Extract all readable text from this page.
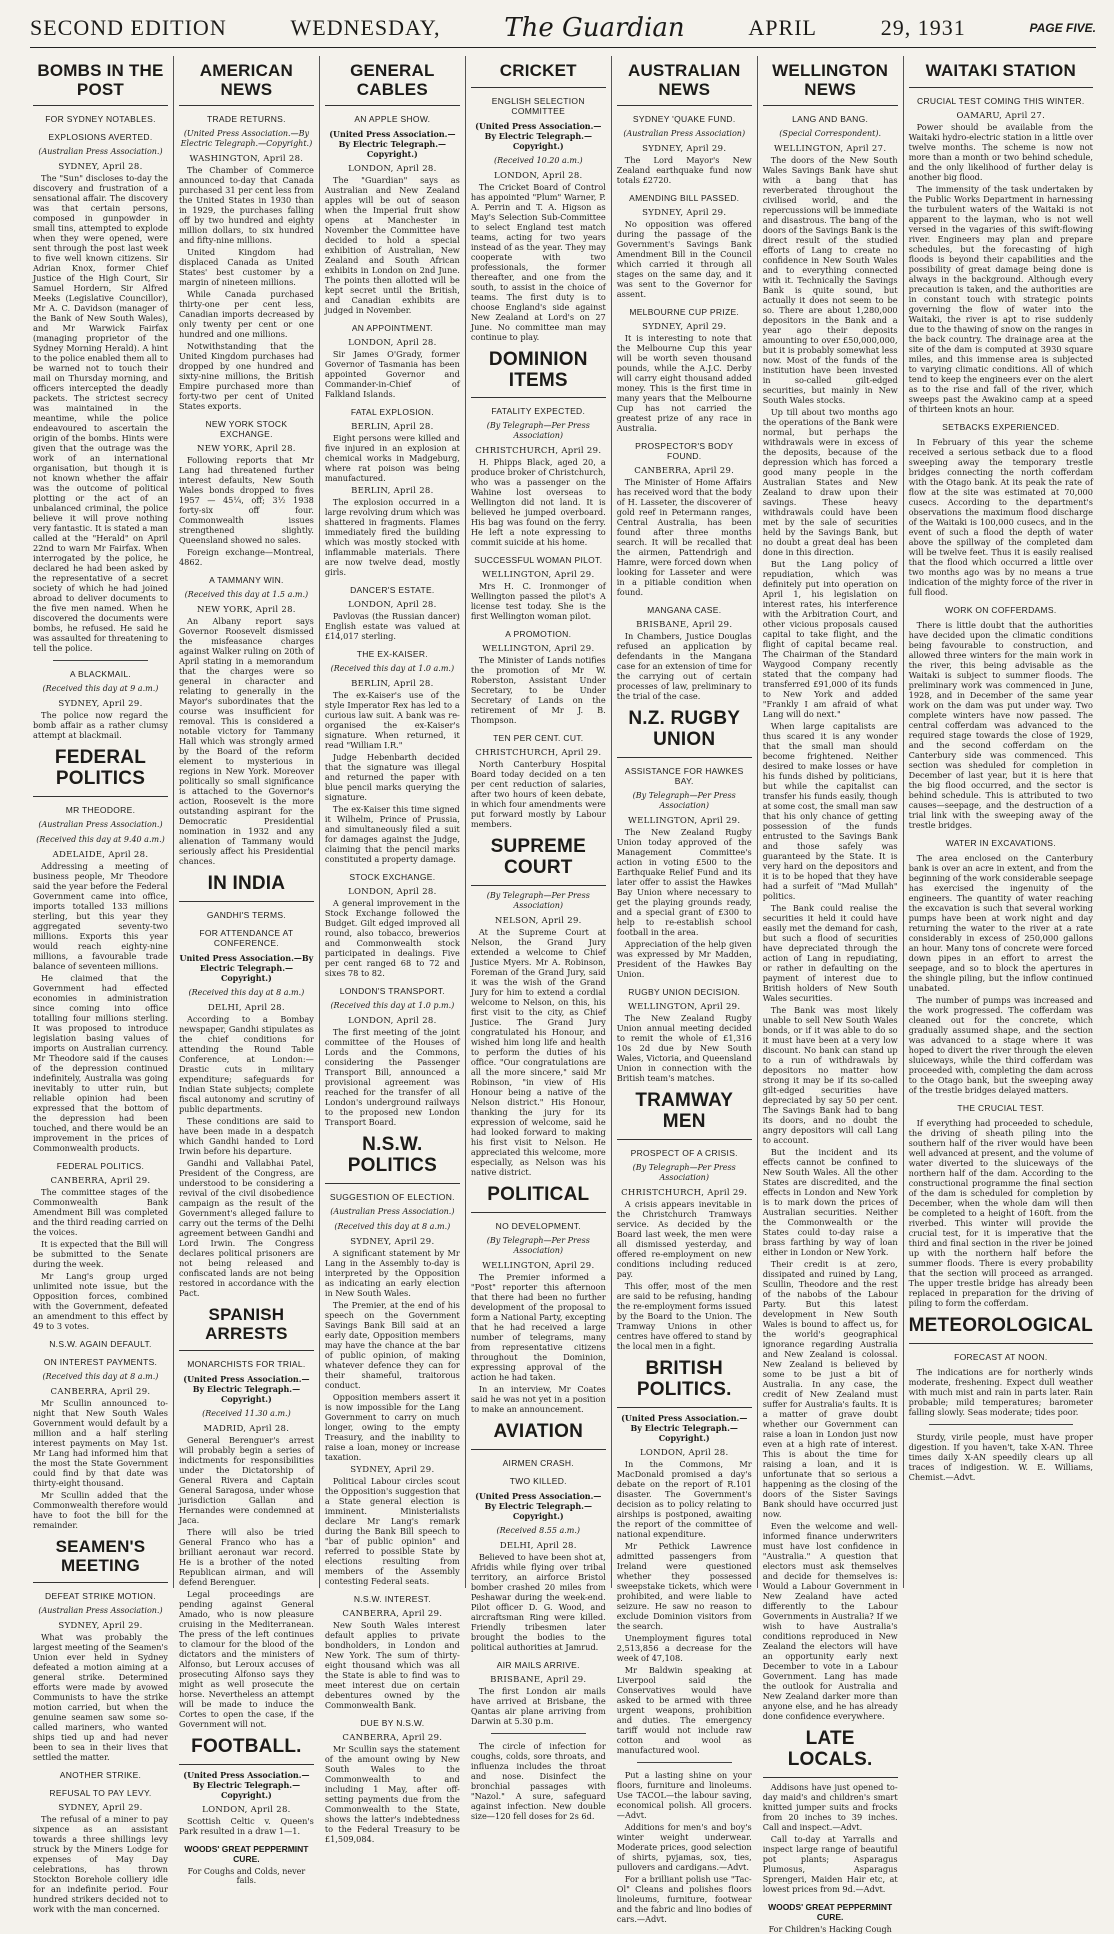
SECOND EDITION	WEDNESDAY, The Guardian	APRIL	29, 1931	PAGE FIVE.
BOMBS IN THE POST
FOR SYDNEY NOTABLES.
EXPLOSIONS AVERTED.
(Australian Press Association.)
SYDNEY, April 28.

The "Sun" discloses to-day the discovery and frustration of a sensational affair. The discovery was that certain persons, composed in gunpowder in small tins, attempted to explode when they were opened, were sent through the post last week to five well known citizens. Sir Adrian Knox, former Chief Justice of the High Court, Sir Samuel Hordern, Sir Alfred Meeks (Legislative Councillor), Mr A. C. Davidson (manager of the Bank of New South Wales), and Mr Warwick Fairfax (managing proprietor of the Sydney Morning Herald). A hint to the police enabled them all to be warned not to touch their mail on Thursday morning, and officers intercepted the deadly packets. The strictest secrecy was maintained in the meantime, while the police endeavoured to ascertain the origin of the bombs. Hints were given that the outrage was the work of an international organisation, but though it is not known whether the affair was the outcome of political plotting or the act of an unbalanced criminal, the police believe it will prove nothing very fantastic. It is stated a man called at the "Herald" on April 22nd to warn Mr Fairfax. When interrogated by the police, he declared he had been asked by the representative of a secret society of which he had joined abroad to deliver documents to the five men named. When he discovered the documents were bombs, he refused. He said he was assaulted for threatening to tell the police.

A BLACKMAIL.
(Received this day at 9 a.m.)
SYDNEY, April 29.

The police now regard the bomb affair as a rather clumsy attempt at blackmail.

FEDERAL POLITICS
MR THEODORE.
(Australian Press Association.)
(Received this day at 9.40 a.m.)
ADELAIDE, April 28.

Addressing a meeting of business people, Mr Theodore said the year before the Federal Government came into office, imports totalled 133 millions sterling, but this year they aggregated seventy-two millions. Exports this year would reach eighty-nine millions, a favourable trade balance of seventeen millions.

He claimed that the Government had effected economies in administration since coming into office totalling four millions sterling. It was proposed to introduce legislation basing values of imports on Australian currency. Mr Theodore said if the causes of the depression continued indefinitely, Australia was going inevitably to utter ruin, but reliable opinion had been expressed that the bottom of the depression had been touched, and there would be an improvement in the prices of Commonwealth products.

FEDERAL POLITICS.
CANBERRA, April 29.

The committee stages of the Commonwealth Bank Amendment Bill was completed and the third reading carried on the voices.

It is expected that the Bill will be submitted to the Senate during the week.

Mr Lang's group urged unlimited note issue, but the Opposition forces, combined with the Government, defeated an amendment to this effect by 49 to 3 votes.

N.S.W. AGAIN DEFAULT.
ON INTEREST PAYMENTS.
(Received this day at 8 a.m.)
CANBERRA, April 29.

Mr Scullin announced to-night that New South Wales Government would default by a million and a half sterling interest payments on May 1st. Mr Lang had informed him that the most the State Government could find by that date was thirty-eight thousand.

Mr Scullin added that the Commonwealth therefore would have to foot the bill for the remainder.

SEAMEN'S MEETING
DEFEAT STRIKE MOTION.
(Australian Press Association.)
SYDNEY, April 29.

What was probably the largest meeting of the Seamen's Union ever held in Sydney defeated a motion aiming at a general strike. Determined efforts were made by avowed Communists to have the strike motion carried, but when the genuine seamen saw some so-called mariners, who wanted ships tied up and had never been to sea in their lives that settled the matter.

ANOTHER STRIKE.
REFUSAL TO PAY LEVY.
SYDNEY, April 29.

The refusal of a miner to pay sixpence as an assistant towards a three shillings levy struck by the Miners Lodge for expenses of May Day celebrations, has thrown Stockton Borehole colliery idle for an indefinite period. Four hundred strikers decided not to work with the man concerned.

AMERICAN NEWS
TRADE RETURNS.
(United Press Association.—By Electric Telegraph.—Copyright.)
WASHINGTON, April 28.

The Chamber of Commerce announced to-day that Canada purchased 31 per cent less from the United States in 1930 than in 1929, the purchases falling off by two hundred and eighty million dollars, to six hundred and fifty-nine millions.

United Kingdom had displaced Canada as United States' best customer by a margin of nineteen millions.

While Canada purchased thirty-one per cent less, Canadian imports decreased by only twenty per cent or one hundred and one millions.

Notwithstanding that the United Kingdom purchases had dropped by one hundred and sixty-nine millions, the British Empire purchased more than forty-two per cent of United States exports.

NEW YORK STOCK EXCHANGE.
NEW YORK, April 28.

Following reports that Mr Lang had threatened further interest defaults, New South Wales bonds dropped to fives 1957 — 45¼, off; 3½ 1938 forty-six off four. Commonwealth issues strengthened slightly. Queensland showed no sales.

Foreign exchange—Montreal, 4862.

A TAMMANY WIN.
(Received this day at 1.5 a.m.)
NEW YORK, April 28.

An Albany report says Governor Roosevelt dismissed the misfeasance charges against Walker ruling on 20th of April stating in a memorandum that the charges were so general in character and relating to generally in the Mayor's subordinates that the course was insufficient for removal. This is considered a notable victory for Tammany Hall which was strongly armed by the Board of the reform element to mysterious in regions in New York. Moreover politically so small significance is attached to the Governor's action, Roosevelt is the more outstanding aspirant for the Democratic Presidential nomination in 1932 and any alienation of Tammany would seriously affect his Presidential chances.

IN INDIA
GANDHI'S TERMS.
FOR ATTENDANCE AT CONFERENCE.
United Press Association.—By Electric Telegraph.—Copyright.)
(Received this day at 8 a.m.)
DELHI, April 28.

According to a Bombay newspaper, Gandhi stipulates as the chief conditions for attending the Round Table Conference, at London:—Drastic cuts in military expenditure; safeguards for Indian State subjects; complete fiscal autonomy and scrutiny of public departments.

These conditions are said to have been made in a despatch which Gandhi handed to Lord Irwin before his departure.

Gandhi and Vallabhai Patel, President of the Congress, are understood to be considering a revival of the civil disobedience campaign as the result of the Government's alleged failure to carry out the terms of the Delhi agreement between Gandhi and Lord Irwin. The Congress declares political prisoners are not being released and confiscated lands are not being restored in accordance with the Pact.

SPANISH ARRESTS
MONARCHISTS FOR TRIAL.
(United Press Association.—By Electric Telegraph.—Copyright.)
(Received 11.30 a.m.)
MADRID, April 28.

General Berenguer's arrest will probably begin a series of indictments for responsibilities under the Dictatorship of General Rivera and Captain General Saragosa, under whose jurisdiction Gallan and Hernandes were condemned at Jaca.

There will also be tried General Franco who has a brilliant aeronaut war record. He is a brother of the noted Republican airman, and will defend Berenguer.

Legal proceedings are pending against General Amado, who is now pleasure cruising in the Mediterranean. The press of the left continues to clamour for the blood of the dictators and the ministers of Alfonso, but Leroux accuses of prosecuting Alfonso says they might as well prosecute the horse. Nevertheless an attempt will be made to induce the Cortes to open the case, if the Government will not.

FOOTBALL.
(United Press Association.—By Electric Telegraph.—Copyright.)
LONDON, April 28.

Scottish Celtic v. Queen's Park resulted in a draw 1—1.

WOODS' GREAT PEPPERMINT CURE.
For Coughs and Colds, never fails.
GENERAL CABLES
AN APPLE SHOW.
(United Press Association.—By Electric Telegraph.—Copyright.)
LONDON, April 28.

The "Guardian" says as Australian and New Zealand apples will be out of season when the Imperial fruit show opens at Manchester in November the Committee have decided to hold a special exhibition of Australian, New Zealand and South African exhibits in London on 2nd June. The points then allotted will be kept secret until the British, and Canadian exhibits are judged in November.

AN APPOINTMENT.
LONDON, April 28.

Sir James O'Grady, former Governor of Tasmania has been appointed Governor and Commander-in-Chief of Falkland Islands.

FATAL EXPLOSION.
BERLIN, April 28.

Eight persons were killed and five injured in an explosion at chemical works in Madgeburg, where rat poison was being manufactured.

BERLIN, April 28.

The explosion occurred in a large revolving drum which was shattered in fragments. Flames immediately fired the building which was mostly stocked with inflammable materials. There are now twelve dead, mostly girls.

DANCER'S ESTATE.
LONDON, April 28.

Pavlovas (the Russian dancer) English estate was valued at £14,017 sterling.

THE EX-KAISER.
(Received this day at 1.0 a.m.)
BERLIN, April 28.

The ex-Kaiser's use of the style Imperator Rex has led to a curious law suit. A bank was re-organised the ex-Kaiser's signature. When returned, it read "William I.R."

Judge Hebenbarth decided that the signature was illegal and returned the paper with blue pencil marks querying the signature.

The ex-Kaiser this time signed it Wilhelm, Prince of Prussia, and simultaneously filed a suit for damages against the Judge, claiming that the pencil marks constituted a property damage.

STOCK EXCHANGE.
LONDON, April 28.

A general improvement in the Stock Exchange followed the Budget. Gilt edged improved all round, also tobacco, brewerios and Commonwealth stock participated in dealings. Five per cent ranged 68 to 72 and sixes 78 to 82.

LONDON'S TRANSPORT.
(Received this day at 1.0 p.m.)
LONDON, April 28.

The first meeting of the joint committee of the Houses of Lords and the Commons, considering the Passenger Transport Bill, announced a provisional agreement was reached for the transfer of all London's underground railways to the proposed new London Transport Board.

N.S.W. POLITICS
SUGGESTION OF ELECTION.
(Australian Press Association.)
(Received this day at 8 a.m.)
SYDNEY, April 29.

A significant statement by Mr Lang in the Assembly to-day is interpreted by the Opposition as indicating an early election in New South Wales.

The Premier, at the end of his speech on the Government Savings Bank Bill said at an early date, Opposition members may have the chance at the bar of public opinion, of making whatever defence they can for their shameful, traitorous conduct.

Opposition members assert it is now impossible for the Lang Government to carry on much longer, owing to the empty Treasury, and the inability to raise a loan, money or increase taxation.

SYDNEY, April 29.

Political Labour circles scout the Opposition's suggestion that a State general election is imminent. Ministerialists declare Mr Lang's remark during the Bank Bill speech to "bar of public opinion" and referred to possible State by elections resulting from members of the Assembly contesting Federal seats.

N.S.W. INTEREST.
CANBERRA, April 29.

New South Wales interest default applies to private bondholders, in London and New York. The sum of thirty-eight thousand which was all the State is able to find was to meet interest due on certain debentures owned by the Commonwealth Bank.

DUE BY N.S.W.
CANBERRA, April 29.

Mr Scullin says the statement of the amount owing by New South Wales to the Commonwealth to and including 1 May, after off-setting payments due from the Commonwealth to the State, shows the latter's indebtedness to the Federal Treasury to be £1,509,084.

CRICKET
ENGLISH SELECTION COMMITTEE
(United Press Association.—By Electric Telegraph.—Copyright.)
(Received 10.20 a.m.)
LONDON, April 28.

The Cricket Board of Control has appointed "Plum" Warner, P. A. Perrin and T. A. Higson as May's Selection Sub-Committee to select England test match teams, acting for two years instead of as the year. They may cooperate with two professionals, the former thereafter, and one from the south, to assist in the choice of teams. The first duty is to choose England's side against New Zealand at Lord's on 27 June. No committee man may continue to play.

DOMINION ITEMS
FATALITY EXPECTED.
(By Telegraph—Per Press Association)
CHRISTCHURCH, April 29.

H. Phipps Black, aged 20, a produce broker of Christchurch, who was a passenger on the Wahine lost overseas to Wellington did not land. It is believed he jumped overboard. His bag was found on the ferry. He left a note expressing to commit suicide at his home.

SUCCESSFUL WOMAN PILOT.
WELLINGTON, April 29.

Mrs H. C. Ironmonger of Wellington passed the pilot's A license test today. She is the first Wellington woman pilot.

A PROMOTION.
WELLINGTON, April 29.

The Minister of Lands notifies the promotion of Mr W. Roberston, Assistant Under Secretary, to be Under Secretary of Lands on the retirement of Mr J. B. Thompson.

TEN PER CENT. CUT.
CHRISTCHURCH, April 29.

North Canterbury Hospital Board today decided on a ten per cent reduction of salaries, after two hours of keen debate, in which four amendments were put forward mostly by Labour members.

SUPREME COURT
(By Telegraph—Per Press Association)
NELSON, April 29.

At the Supreme Court at Nelson, the Grand Jury extended a welcome to Chief Justice Myers. Mr A. Robinson, Foreman of the Grand Jury, said it was the wish of the Grand Jury for him to extend a cordial welcome to Nelson, on this, his first visit to the city, as Chief Justice. The Grand Jury congratulated his Honour, and wished him long life and health to perform the duties of his office. "Our congratulations are all the more sincere," said Mr Robinson, "in view of His Honour being a native of the Nelson district." His Honour, thanking the jury for its expression of welcome, said he had looked forward to making his first visit to Nelson. He appreciated this welcome, more especially, as Nelson was his native district.

POLITICAL
NO DEVELOPMENT.
(By Telegraph—Per Press Association)
WELLINGTON, April 29.

The Premier informed a "Post" reporter this afternoon that there had been no further development of the proposal to form a National Party, excepting that he had received a large number of telegrams, many from representative citizens throughout the Dominion, expressing approval of the action he had taken.

In an interview, Mr Coates said he was not yet in a position to make an announcement.

AVIATION
AIRMEN CRASH.
TWO KILLED.
(United Press Association.—By Electric Telegraph.—Copyright.)
(Received 8.55 a.m.)
DELHI, April 28.

Believed to have been shot at, Afridis while flying over tribal territory, an airforce Bristol bomber crashed 20 miles from Peshawar during the week-end. Pilot officer D. G. Wood, and aircraftsman Ring were killed. Friendly tribesmen later brought the bodies to the political authorities at Jamrud.

AIR MAILS ARRIVE.
BRISBANE, April 29.

The first London air mails have arrived at Brisbane, the Qantas air plane arriving from Darwin at 5.30 p.m.

The circle of infection for coughs, colds, sore throats, and influenza includes the throat and nose. Disinfect the bronchial passages with "Nazol." A sure, safeguard against infection. New double size—120 fell doses for 2s 6d.

AUSTRALIAN NEWS
SYDNEY 'QUAKE FUND.
(Australian Press Association)
SYDNEY, April 29.

The Lord Mayor's New Zealand earthquake fund now totals £2720.

AMENDING BILL PASSED.
SYDNEY, April 29.

No opposition was offered during the passage of the Government's Savings Bank Amendment Bill in the Council which carried it through all stages on the same day, and it was sent to the Governor for assent.

MELBOURNE CUP PRIZE.
SYDNEY, April 29.

It is interesting to note that the Melbourne Cup this year will be worth seven thousand pounds, while the A.J.C. Derby will carry eight thousand added money. This is the first time in many years that the Melbourne Cup has not carried the greatest prize of any race in Australia.

PROSPECTOR'S BODY FOUND.
CANBERRA, April 29.

The Minister of Home Affairs has received word that the body of H. Lasseter, the discoverer of gold reef in Petermann ranges, Central Australia, has been found after three months search. It will be recalled that the airmen, Pattendrigh and Hamre, were forced down when looking for Lasseter and were in a pitiable condition when found.

MANGANA CASE.
BRISBANE, April 29.

In Chambers, Justice Douglas refused an application by defendants in the Mangana case for an extension of time for the carrying out of certain processes of law, preliminary to the trial of the case.

N.Z. RUGBY UNION
ASSISTANCE FOR HAWKES BAY.
(By Telegraph—Per Press Association)
WELLINGTON, April 29.

The New Zealand Rugby Union today approved of the Management Committee's action in voting £500 to the Earthquake Relief Fund and its later offer to assist the Hawkes Bay Union where necessary to get the playing grounds ready, and a special grant of £300 to help to re-establish school football in the area.

Appreciation of the help given was expressed by Mr Madden, President of the Hawkes Bay Union.

RUGBY UNION DECISION.
WELLINGTON, April 29.

The New Zealand Rugby Union annual meeting decided to remit the whole of £1,316 10s 2d due by New South Wales, Victoria, and Queensland Union in connection with the British team's matches.

TRAMWAY MEN
PROSPECT OF A CRISIS.
(By Telegraph—Per Press Association)
CHRISTCHURCH, April 29.

A crisis appears inevitable in the Christchurch Tramways service. As decided by the Board last week, the men were all dismissed yesterday, and offered re-employment on new conditions including reduced pay.

This offer, most of the men are said to be refusing, handing the re-employment forms issued by the Board to the Union. The Tramway Unions in other centres have offered to stand by the local men in a fight.

BRITISH POLITICS.
(United Press Association.—By Electric Telegraph.—Copyright.)
LONDON, April 28.

In the Commons, Mr MacDonald promised a day's debate on the report of R.101 disaster. The Government's decision as to policy relating to airships is postponed, awaiting the report of the committee of national expenditure.

Mr Pethick Lawrence admitted passengers from Ireland were questioned whether they possessed sweepstake tickets, which were prohibited, and were liable to seizure. He saw no reason to exclude Dominion visitors from the search.

Unemployment figures total 2,513,856 a decrease for the week of 47,108.

Mr Baldwin speaking at Liverpool said the Conservatives would have asked to be armed with three urgent weapons, prohibition and duties. The emergency tariff would not include raw cotton and wool as manufactured wool.

Put a lasting shine on your floors, furniture and linoleums. Use TACOL—the labour saving, economical polish. All grocers.—Advt.

Additions for men's and boy's winter weight underwear. Moderate prices, good selection of shirts, pyjamas, sox, ties, pullovers and cardigans.—Advt.

For a brilliant polish use "Tac-Ol" Cleans and polishes floors linoleums, furniture, footwear and the fabric and lino bodies of cars.—Advt.

WELLINGTON NEWS
LANG AND BANG.
(Special Correspondent).
WELLINGTON, April 27.

The doors of the New South Wales Savings Bank have shut with a bang that has reverberated throughout the civilised world, and the repercussions will be immediate and disastrous. The bang of the doors of the Savings Bank is the direct result of the studied efforts of Lang to create no confidence in New South Wales and to everything connected with it. Technically the Savings Bank is quite sound, but actually it does not seem to be so. There are about 1,280,000 depositors in the Bank and a year ago their deposits amounting to over £50,000,000, but it is probably somewhat less now. Most of the funds of the institution have been invested in so-called gilt-edged securities, but mainly in New South Wales stocks.

Up till about two months ago the operations of the Bank were normal, but perhaps the withdrawals were in excess of the deposits, because of the depression which has forced a good many people in the Australian States and New Zealand to draw upon their savings. These heavy withdrawals could have been met by the sale of securities held by the Savings Bank, but no doubt a great deal has been done in this direction.

But the Lang policy of repudiation, which was definitely put into operation on April 1, his legislation on interest rates, his interference with the Arbitration Court, and other vicious proposals caused capital to take flight, and the flight of capital became real. The Chairman of the Standard Waygood Company recently stated that the company had transferred £91,000 of its funds to New York and added "Frankly I am afraid of what Lang will do next."

When large capitalists are thus scared it is any wonder that the small man should become frightened. Neither desired to make losses or have his funds dished by politicians, but while the capitalist can transfer his funds easily, though at some cost, the small man saw that his only chance of getting possession of the funds entrusted to the Savings Bank and those safely was guaranteed by the State. It is very hard on the depositors and it is to be hoped that they have had a surfeit of "Mad Mullah" politics.

The Bank could realise the securities it held it could have easily met the demand for cash, but such a flood of securities have depreciated through the action of Lang in repudiating, or rather in defaulting on the payment of interest due to British holders of New South Wales securities.

The Bank was most likely unable to sell New South Wales bonds, or if it was able to do so it must have been at a very low discount. No bank can stand up to a run of withdrawals by depositors no matter how strong it may be if its so-called gilt-edged securities have depreciated by say 50 per cent. The Savings Bank had to bang its doors, and no doubt the angry depositors will call Lang to account.

But the incident and its effects cannot be confined to New South Wales. All the other States are discredited, and the effects in London and New York is to mark down the prices of Australian securities. Neither the Commonwealth or the States could to-day raise a brass farthing by way of loan either in London or New York.

Their credit is at zero, dissipated and ruined by Lang, Scullin, Theodore and the rest of the nabobs of the Labour Party. But this latest development in New South Wales is bound to affect us, for the world's geographical ignorance regarding Australia and New Zealand is colossal. New Zealand is believed by some to be just a bit of Australia. In any case, the credit of New Zealand must suffer for Australia's faults. It is a matter of grave doubt whether our Government can raise a loan in London just now even at a high rate of interest. This is about the time for raising a loan, and it is unfortunate that so serious a happening as the closing of the doors of the Sister Savings Bank should have occurred just now.

Even the welcome and well-informed finance underwriters must have lost confidence in "Australia." A question that electors must ask themselves and decide for themselves is: Would a Labour Government in New Zealand have acted differently to the Labour Governments in Australia? If we wish to have Australia's conditions reproduced in New Zealand the electors will have an opportunity early next December to vote in a Labour Government. Lang has made the outlook for Australia and New Zealand darker more than anyone else, and he has already done confidence everywhere.

LATE LOCALS.

Addisons have just opened to-day maid's and children's smart knitted jumper suits and frocks from 20 inches to 39 inches. Call and inspect.—Advt.

Call to-day at Yarralls and inspect large range of beautiful pot plants; Asparagus Plumosus, Asparagus Sprengeri, Maiden Hair etc, at lowest prices from 9d.—Advt.

WOODS' GREAT PEPPERMINT CURE.
For Children's Hacking Cough
WAITAKI STATION
CRUCIAL TEST COMING THIS WINTER.
OAMARU, April 27.

Power should be available from the Waitaki hydro-electric station in a little over twelve months. The scheme is now not more than a month or two behind schedule, and the only likelihood of further delay is another big flood.

The immensity of the task undertaken by the Public Works Department in harnessing the turbulent waters of the Waitaki is not apparent to the layman, who is not well versed in the vagaries of this swift-flowing river. Engineers may plan and prepare schedules, but the forecasting of high floods is beyond their capabilities and the possibility of great damage being done is always in the background. Although every precaution is taken, and the authorities are in constant touch with strategic points governing the flow of water into the Waitaki, the river is apt to rise suddenly due to the thawing of snow on the ranges in the back country. The drainage area at the site of the dam is computed at 3930 square miles, and this immense area is subjected to varying climatic conditions. All of which tend to keep the engineers ever on the alert as to the rise and fall of the river, which sweeps past the Awakino camp at a speed of thirteen knots an hour.

SETBACKS EXPERIENCED.

In February of this year the scheme received a serious setback due to a flood sweeping away the temporary trestle bridges connecting the north cofferdam with the Otago bank. At its peak the rate of flow at the site was estimated at 70,000 cusecs. According to the department's observations the maximum flood discharge of the Waitaki is 100,000 cusecs, and in the event of such a flood the depth of water above the spillway of the completed dam will be twelve feet. Thus it is easily realised that the flood which occurred a little over two months ago was by no means a true indication of the mighty force of the river in full flood.

WORK ON COFFERDAMS.

There is little doubt that the authorities have decided upon the climatic conditions being favourable to construction, and allowed three winters for the main work in the river, this being advisable as the Waitaki is subject to summer floods. The preliminary work was commenced in June, 1928, and in December of the same year work on the dam was put under way. Two complete winters have now passed. The central cofferdam was advanced to the required stage towards the close of 1929, and the second cofferdam on the Canterbury side was commenced. This section was sheduled for completion in December of last year, but it is here that the big flood occurred, and the sector is behind schedule. This is attributed to two causes—seepage, and the destruction of a trial link with the sweeping away of the trestle bridges.

WATER IN EXCAVATIONS.

The area enclosed on the Canterbury bank is over an acre in extent, and from the beginning of the work considerable seepage has exercised the ingenuity of the engineers. The quantity of water reaching the excavation is such that several working pumps have been at work night and day returning the water to the river at a rate considerably in excess of 250,000 gallons an hour. Many tons of concrete were forced down pipes in an effort to arrest the seepage, and so to block the apertures in the shingle piling, but the inflow continued unabated.

The number of pumps was increased and the work progressed. The cofferdam was cleaned out for the concrete, which gradually assumed shape, and the section was advanced to a stage where it was hoped to divert the river through the eleven sluiceways, while the third cofferdam was proceeded with, completing the dam across to the Otago bank, but the sweeping away of the trestle bridges delayed matters.

THE CRUCIAL TEST.

If everything had proceeded to schedule, the driving of sheath piling into the southern half of the river would have been well advanced at present, and the volume of water diverted to the sluiceways of the northern half of the dam. According to the constructional programme the final section of the dam is scheduled for completion by December, when the whole dam will then be completed to a height of 160ft. from the riverbed. This winter will provide the crucial test, for it is imperative that the third and final section in the river be joined up with the northern half before the summer floods. There is every probability that the section will proceed as arranged. The upper trestle bridge has already been replaced in preparation for the driving of piling to form the cofferdam.

METEOROLOGICAL
FORECAST AT NOON.

The indications are for northerly winds moderate, freshening. Expect dull weather with much mist and rain in parts later. Rain probable; mild temperatures; barometer falling slowly. Seas moderate; tides poor.

Sturdy, virile people, must have proper digestion. If you haven't, take X-AN. Three times daily X-AN speedily clears up all traces of indigestion. W. E. Williams, Chemist.—Advt.
